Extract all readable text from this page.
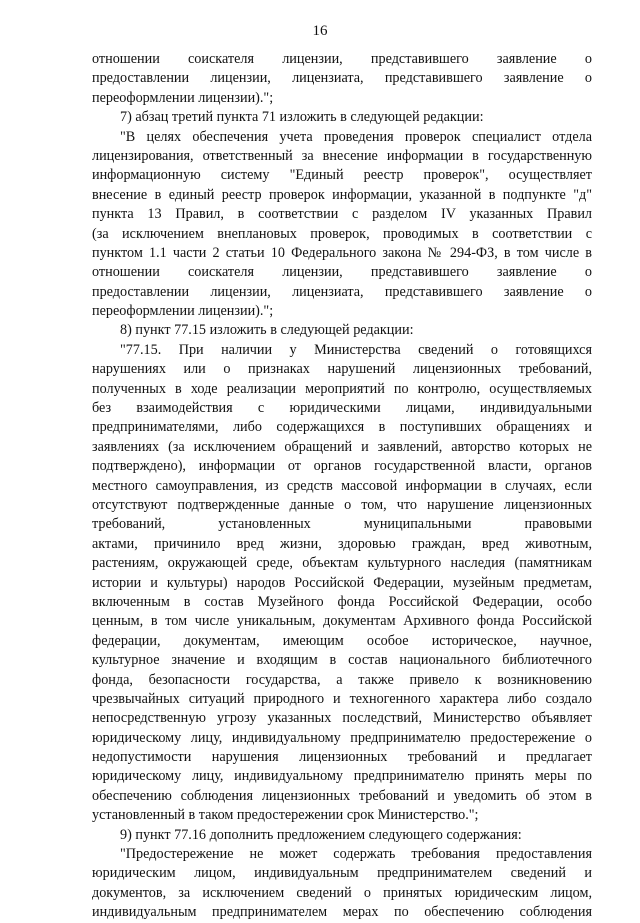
16
отношении соискателя лицензии, представившего заявление о
предоставлении лицензии, лицензиата, представившего заявление о
переоформлении лицензии).";
7) абзац третий пункта 71 изложить в следующей редакции:
"В целях обеспечения учета проведения проверок специалист отдела
лицензирования, ответственный за внесение информации в государственную
информационную систему "Единый реестр проверок", осуществляет
внесение в единый реестр проверок информации, указанной в подпункте "д"
пункта 13 Правил, в соответствии с разделом IV указанных Правил
(за исключением внеплановых проверок, проводимых в соответствии с
пунктом 1.1 части 2 статьи 10 Федерального закона № 294-ФЗ, в том числе в
отношении соискателя лицензии, представившего заявление о
предоставлении лицензии, лицензиата, представившего заявление о
переоформлении лицензии).";
8) пункт 77.15 изложить в следующей редакции:
"77.15. При наличии у Министерства сведений о готовящихся
нарушениях или о признаках нарушений лицензионных требований,
полученных в ходе реализации мероприятий по контролю, осуществляемых
без взаимодействия с юридическими лицами, индивидуальными
предпринимателями, либо содержащихся в поступивших обращениях и
заявлениях (за исключением обращений и заявлений, авторство которых не
подтверждено), информации от органов государственной власти, органов
местного самоуправления, из средств массовой информации в случаях, если
отсутствуют подтвержденные данные о том, что нарушение лицензионных
требований, установленных муниципальными правовыми
актами, причинило вред жизни, здоровью граждан, вред животным,
растениям, окружающей среде, объектам культурного наследия (памятникам
истории и культуры) народов Российской Федерации, музейным предметам,
включенным в состав Музейного фонда Российской Федерации, особо
ценным, в том числе уникальным, документам Архивного фонда Российской
федерации, документам, имеющим особое историческое, научное,
культурное значение и входящим в состав национального библиотечного
фонда, безопасности государства, а также привело к возникновению
чрезвычайных ситуаций природного и техногенного характера либо создало
непосредственную угрозу указанных последствий, Министерство объявляет
юридическому лицу, индивидуальному предпринимателю предостережение о
недопустимости нарушения лицензионных требований и предлагает
юридическому лицу, индивидуальному предпринимателю принять меры по
обеспечению соблюдения лицензионных требований и уведомить об этом в
установленный в таком предостережении срок Министерство.";
9) пункт 77.16 дополнить предложением следующего содержания:
"Предостережение не может содержать требования предоставления
юридическим лицом, индивидуальным предпринимателем сведений и
документов, за исключением сведений о принятых юридическим лицом,
индивидуальным предпринимателем мерах по обеспечению соблюдения
